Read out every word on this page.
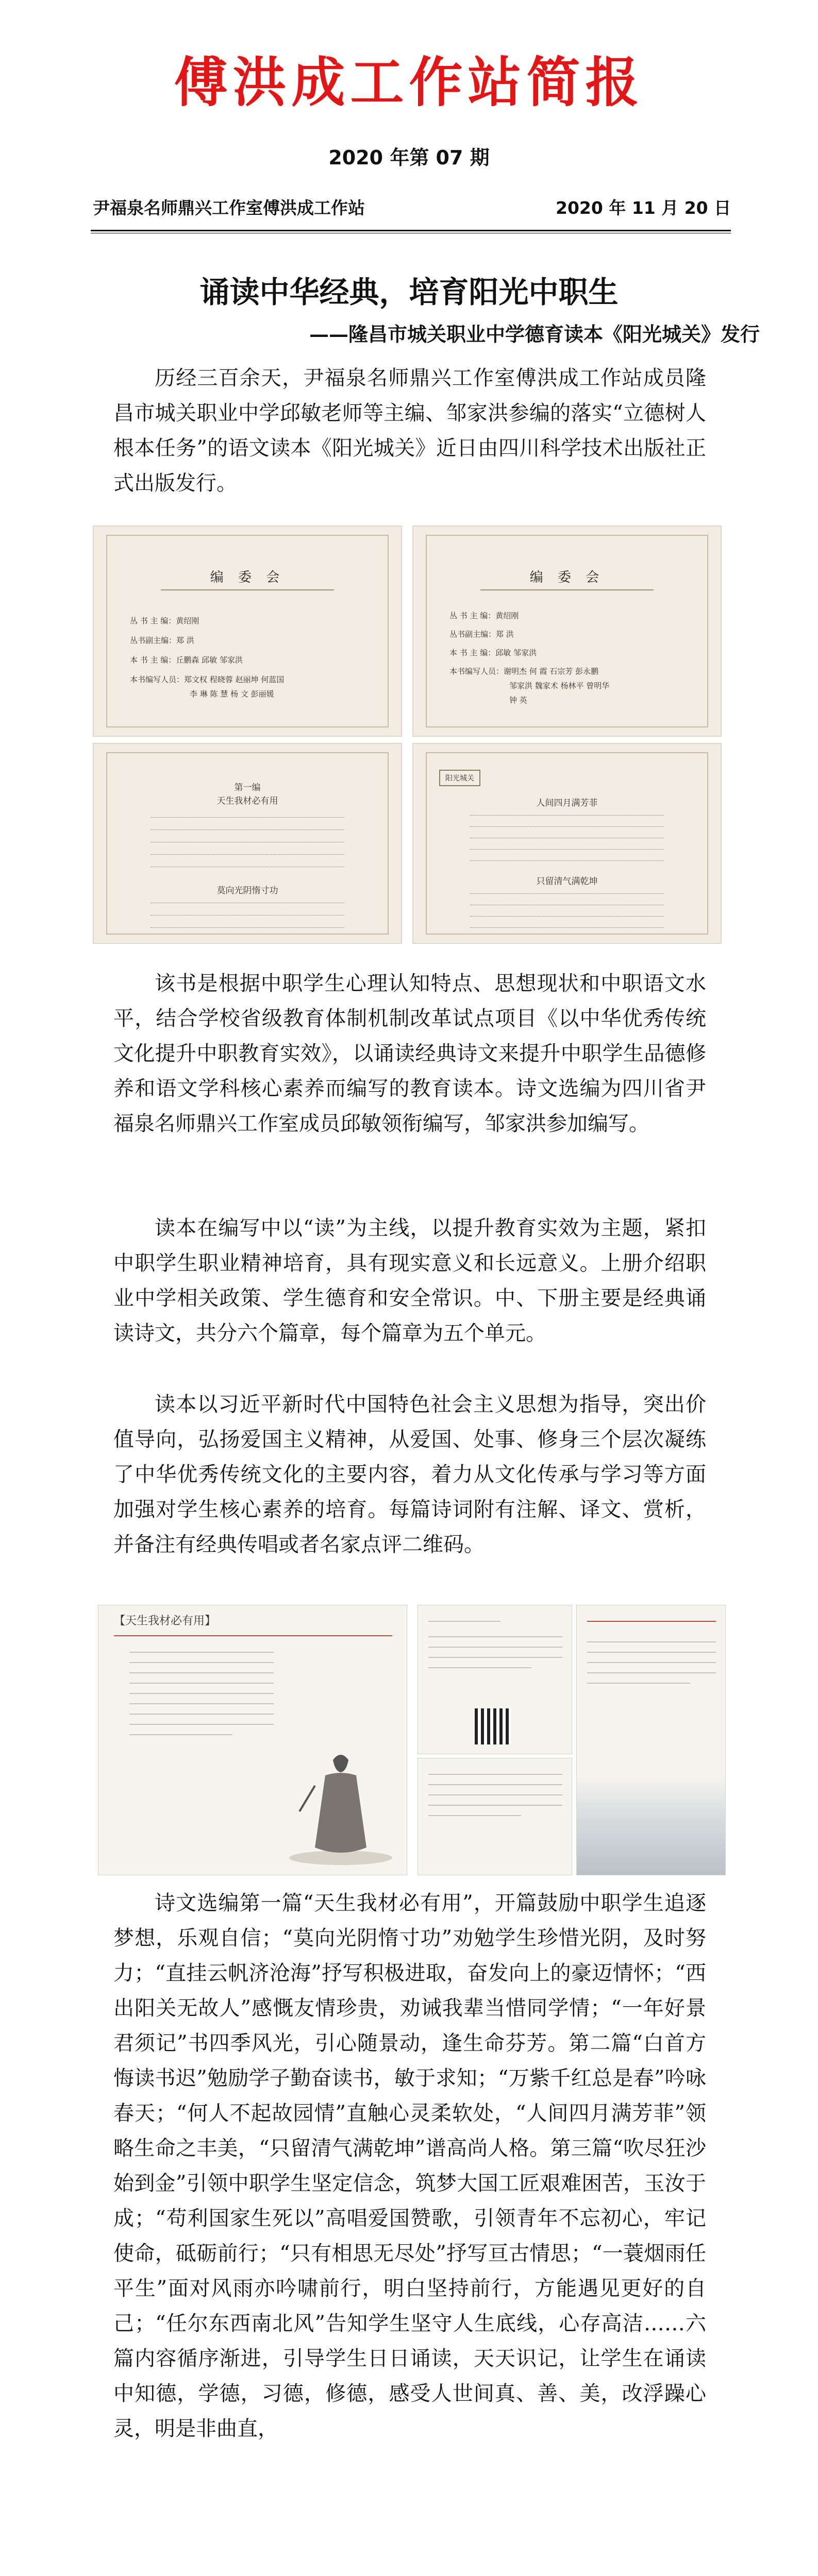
傅洪成工作站简报
2020 年第 07 期
尹福泉名师鼎兴工作室傅洪成工作站	2020 年 11 月 20 日
诵读中华经典，培育阳光中职生
——隆昌市城关职业中学德育读本《阳光城关》发行
历经三百余天，尹福泉名师鼎兴工作室傅洪成工作站成员隆昌市城关职业中学邱敏老师等主编、邹家洪参编的落实“立德树人根本任务”的语文读本《阳光城关》近日由四川科学技术出版社正式出版发行。
编 委 会
丛 书 主 编：黄绍刚
丛书副主编：郑 洪
本 书 主 编：丘鹏森 邱敏 邹家洪
本书编写人员：郑文权 程晓蓉 赵丽坤 何蓝国
李 琳 陈 慧 杨 文 彭丽媛
编 委 会
丛 书 主 编：黄绍刚
丛书副主编：郑 洪
本 书 主 编：邱敏 邹家洪
本书编写人员：谢明杰 何 霞 石宗芳 彭永鹏
邹家洪 魏家术 杨林平 曾明华
钟 英
第一编
天生我材必有用
莫向光阴惰寸功
阳光城关
人间四月满芳菲
只留清气满乾坤
该书是根据中职学生心理认知特点、思想现状和中职语文水平，结合学校省级教育体制机制改革试点项目《以中华优秀传统文化提升中职教育实效》，以诵读经典诗文来提升中职学生品德修养和语文学科核心素养而编写的教育读本。诗文选编为四川省尹福泉名师鼎兴工作室成员邱敏领衔编写，邹家洪参加编写。
读本在编写中以“读”为主线，以提升教育实效为主题，紧扣中职学生职业精神培育，具有现实意义和长远意义。上册介绍职业中学相关政策、学生德育和安全常识。中、下册主要是经典诵读诗文，共分六个篇章，每个篇章为五个单元。
读本以习近平新时代中国特色社会主义思想为指导，突出价值导向，弘扬爱国主义精神，从爱国、处事、修身三个层次凝练了中华优秀传统文化的主要内容，着力从文化传承与学习等方面加强对学生核心素养的培育。每篇诗词附有注解、译文、赏析，并备注有经典传唱或者名家点评二维码。
【天生我材必有用】
诗文选编第一篇“天生我材必有用”，开篇鼓励中职学生追逐梦想，乐观自信；“莫向光阴惰寸功”劝勉学生珍惜光阴，及时努力；“直挂云帆济沧海”抒写积极进取，奋发向上的豪迈情怀；“西出阳关无故人”感慨友情珍贵，劝诫我辈当惜同学情；“一年好景君须记”书四季风光，引心随景动，逢生命芬芳。第二篇“白首方悔读书迟”勉励学子勤奋读书，敏于求知；“万紫千红总是春”吟咏春天；“何人不起故园情”直触心灵柔软处，“人间四月满芳菲”领略生命之丰美，“只留清气满乾坤”谱高尚人格。第三篇“吹尽狂沙始到金”引领中职学生坚定信念，筑梦大国工匠艰难困苦，玉汝于成；“苟利国家生死以”高唱爱国赞歌，引领青年不忘初心，牢记使命，砥砺前行；“只有相思无尽处”抒写亘古情思；“一蓑烟雨任平生”面对风雨亦吟啸前行，明白坚持前行，方能遇见更好的自己；“任尔东西南北风”告知学生坚守人生底线，心存高洁……六篇内容循序渐进，引导学生日日诵读，天天识记，让学生在诵读中知德，学德，习德，修德，感受人世间真、善、美，改浮躁心灵，明是非曲直，
